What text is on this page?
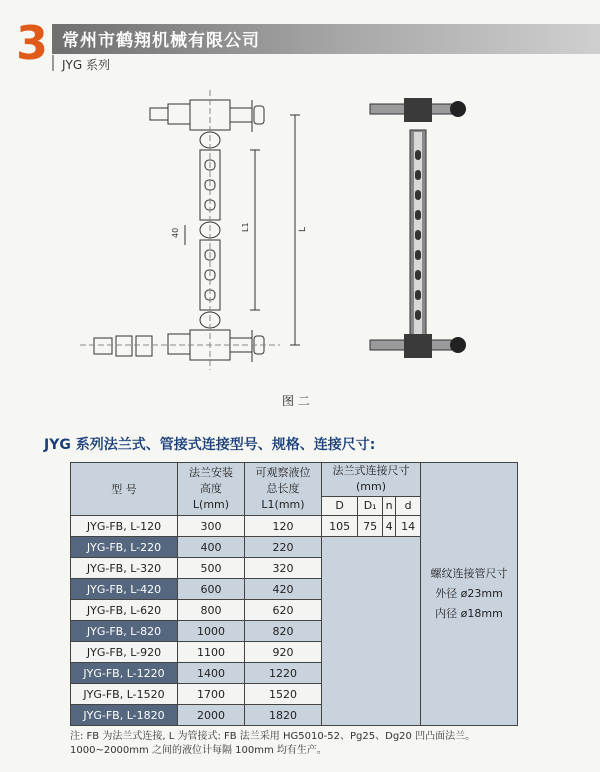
3 常州市鹤翔机械有限公司
JYG 系列
40
L1	L
图 二
JYG 系列法兰式、管接式连接型号、规格、连接尺寸:
型 号	法兰安装
高度
L(mm)	可观察液位
总长度
L1(mm)	法兰式连接尺寸
(mm)				螺纹连接管尺寸
外径 ø23mm
内径 ø18mm
			D	D₁	n	d	
JYG-FB, L-120	300	120	105	75	4	14	
JYG-FB, L-220	400	220					
JYG-FB, L-320	500	320					
JYG-FB, L-420	600	420					
JYG-FB, L-620	800	620					
JYG-FB, L-820	1000	820					
JYG-FB, L-920	1100	920					
JYG-FB, L-1220	1400	1220					
JYG-FB, L-1520	1700	1520					
JYG-FB, L-1820	2000	1820					
注: FB 为法兰式连接, L 为管接式: FB 法兰采用 HG5010-52、Pg25、Dg20 凹凸面法兰。
1000~2000mm 之间的液位计每隔 100mm 均有生产。
